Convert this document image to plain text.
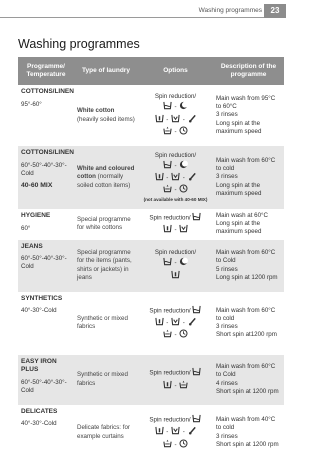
Washing programmes	23
Washing programmes
Programme/ Temperature	Type of laundry	Options	Description of the programme

COTTONS/LINEN
95°-60°	White cotton (heavily soiled items)	Spin reduction/
-
-  -
-	Main wash from 95°C to 60°C
3 rinses
Long spin at the maximum speed

COTTONS/LINEN
60°-50°-40°-30°- Cold
40-60 MIX	White and coloured cotton (normally soiled cotton items)	Spin reduction/
-
-  -
-
(not available with 40-60 MIX)	Main wash from 60°C to cold
3 rinses
Long spin at the maximum speed

HYGIENE
60°	Special programme for white cottons	Spin reduction/
-	Main wash at 60°C
Long spin at the maximum speed

JEANS
60°-50°-40°-30°- Cold	Special programme for the items (pants, shirts or jackets) in jeans	Spin reduction/
-	Main wash from 60°C to Cold
5 rinses
Long spin at 1200 rpm

SYNTHETICS
40°-30°-Cold	Synthetic or mixed fabrics	Spin reduction/
-  -
-	Main wash from 60°C to cold
3 rinses
Short spin at1200 rpm

EASY IRON PLUS
60°-50°-40°-30°- Cold	Synthetic or mixed fabrics	Spin reduction/
-	Main wash from 60°C to Cold
4 rinses
Short spin at 1200 rpm

DELICATES
40°-30°-Cold	Delicate fabrics: for example curtains	Spin reduction/
-  -
-	Main wash from 40°C to cold
3 rinses
Short spin at 1200 rpm
